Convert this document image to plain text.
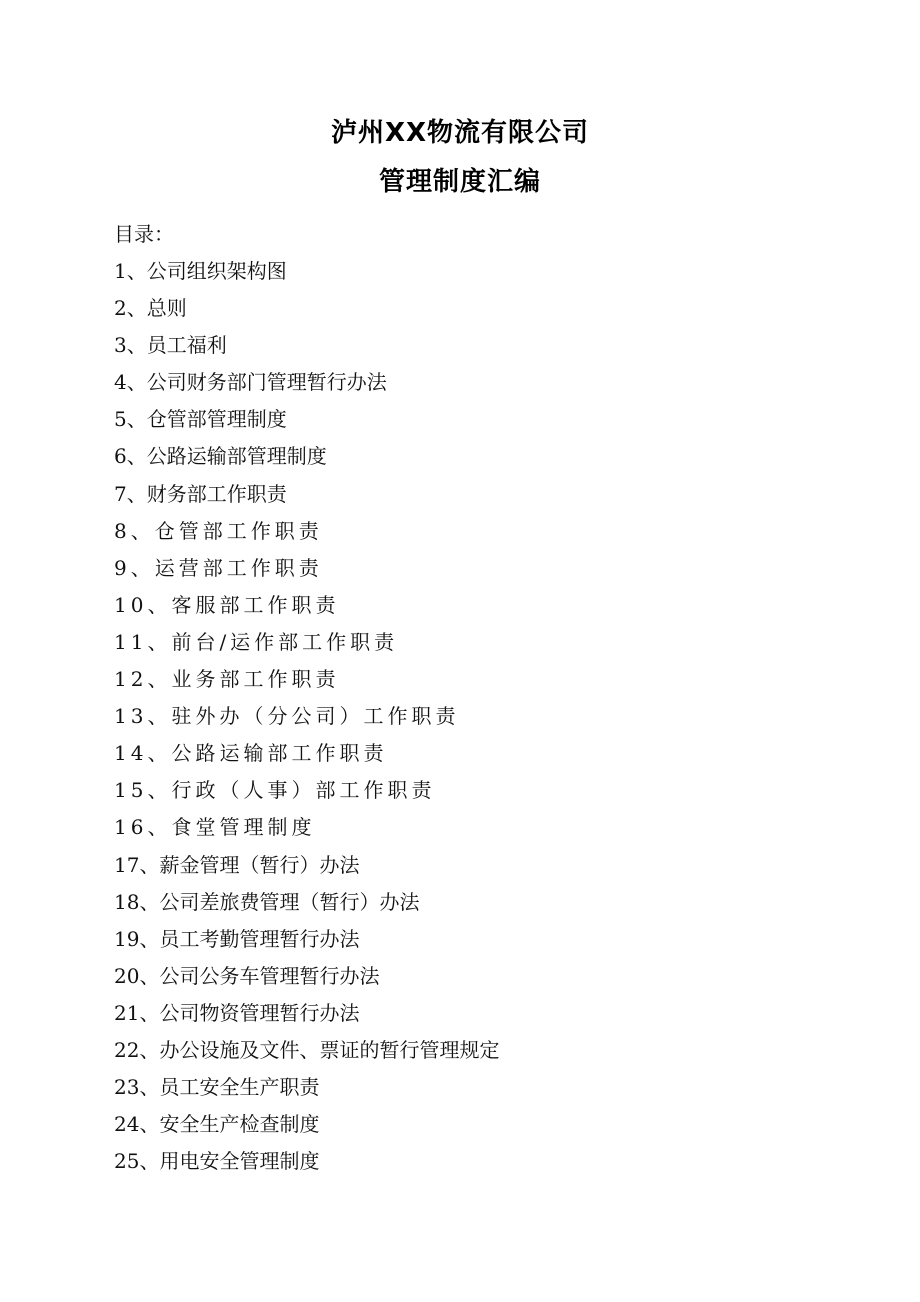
泸州XX物流有限公司
管理制度汇编
目录：
1、公司组织架构图
2、总则
3、员工福利
4、公司财务部门管理暂行办法
5、仓管部管理制度
6、公路运输部管理制度
7、财务部工作职责
8、仓管部工作职责
9、运营部工作职责
10、客服部工作职责
11、前台/运作部工作职责
12、业务部工作职责
13、驻外办（分公司）工作职责
14、公路运输部工作职责
15、行政（人事）部工作职责
16、食堂管理制度
17、薪金管理（暂行）办法
18、公司差旅费管理（暂行）办法
19、员工考勤管理暂行办法
20、公司公务车管理暂行办法
21、公司物资管理暂行办法
22、办公设施及文件、票证的暂行管理规定
23、员工安全生产职责
24、安全生产检查制度
25、用电安全管理制度
